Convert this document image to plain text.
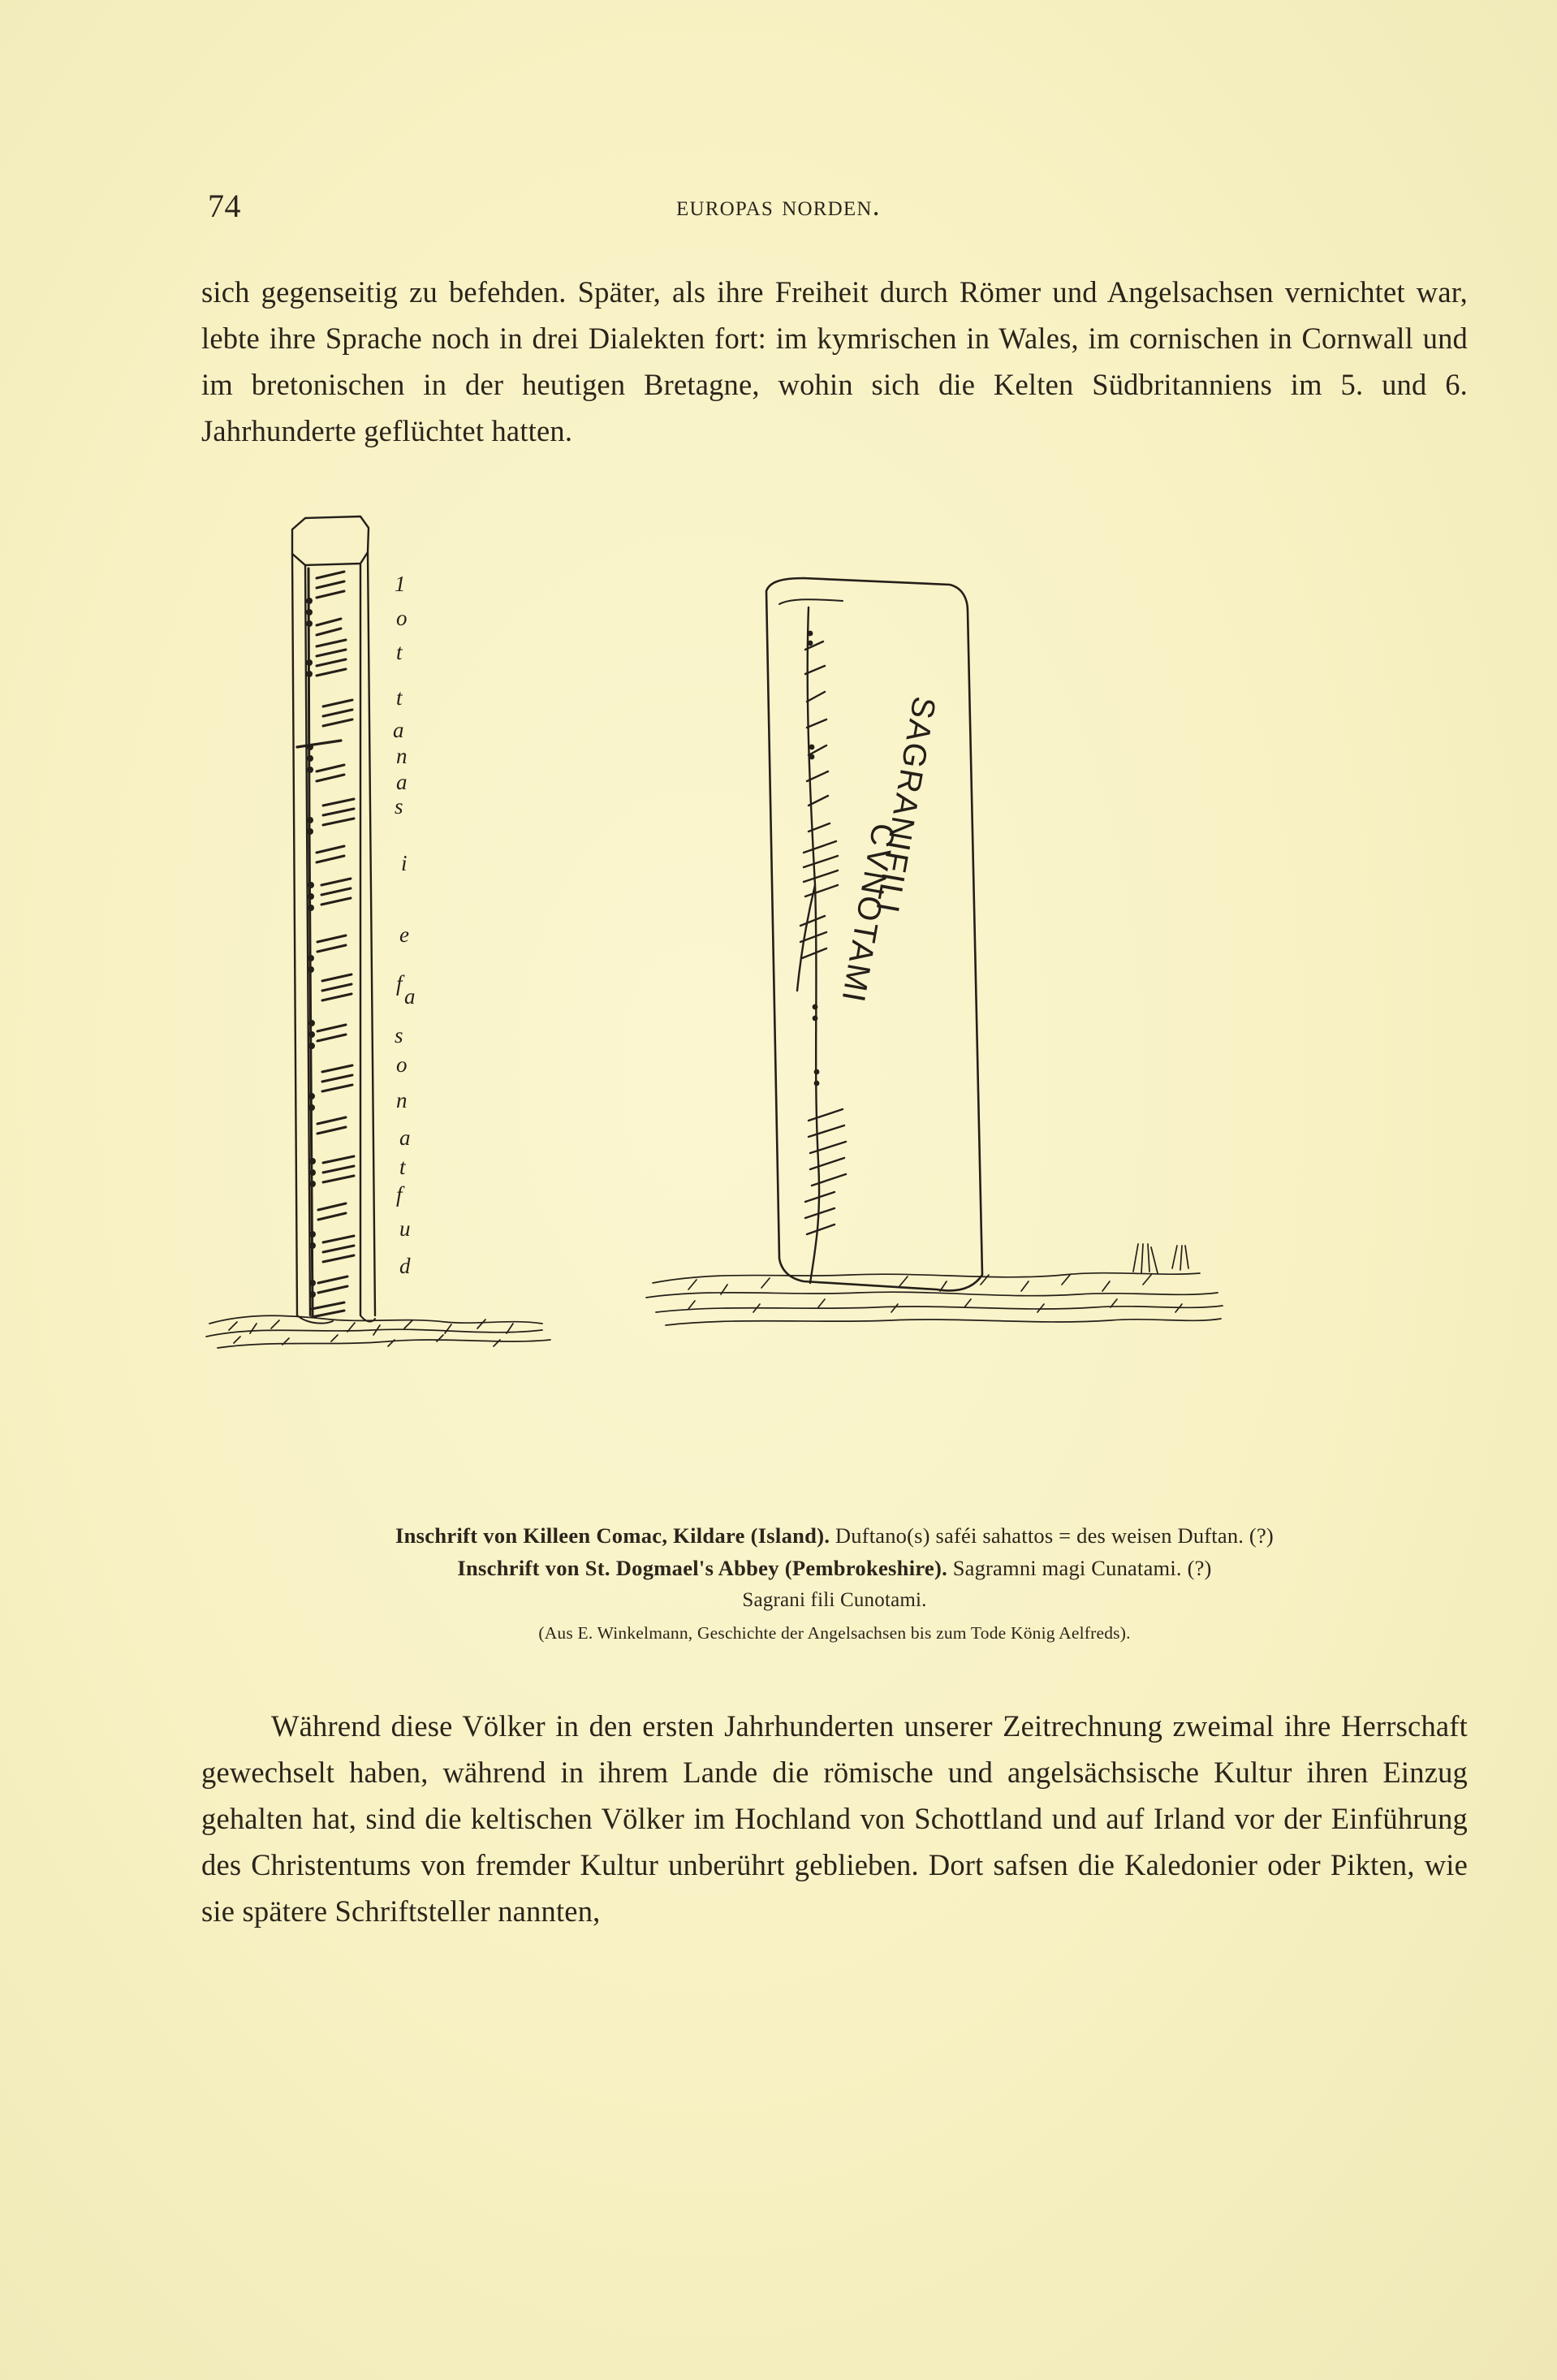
74	europas norden.

sich gegenseitig zu befehden. Später, als ihre Freiheit durch Römer und Angelsachsen vernichtet war, lebte ihre Sprache noch in drei Dialekten fort: im kymrischen in Wales, im cornischen in Cornwall und im bretonischen in der heutigen Bretagne, wohin sich die Kelten Südbritanniens im 5. und 6. Jahrhunderte geflüchtet hatten.

1
o
t
t
a
n
a
s
i
e
f
a
s
o
n
a
t
f
u
d
SAGRANIFILI
CVNOTAMI
Inschrift von Killeen Comac, Kildare (Island). Duftano(s) saféi sahattos = des weisen Duftan. (?)
Inschrift von St. Dogmael's Abbey (Pembrokeshire). Sagramni magi Cunatami. (?)
Sagrani fili Cunotami.
(Aus E. Winkelmann, Geschichte der Angelsachsen bis zum Tode König Aelfreds).

Während diese Völker in den ersten Jahrhunderten unserer Zeitrechnung zweimal ihre Herrschaft gewechselt haben, während in ihrem Lande die römische und angelsächsische Kultur ihren Einzug gehalten hat, sind die keltischen Völker im Hochland von Schottland und auf Irland vor der Einführung des Christentums von fremder Kultur unberührt geblieben. Dort safsen die Kaledonier oder Pikten, wie sie spätere Schriftsteller nannten,
